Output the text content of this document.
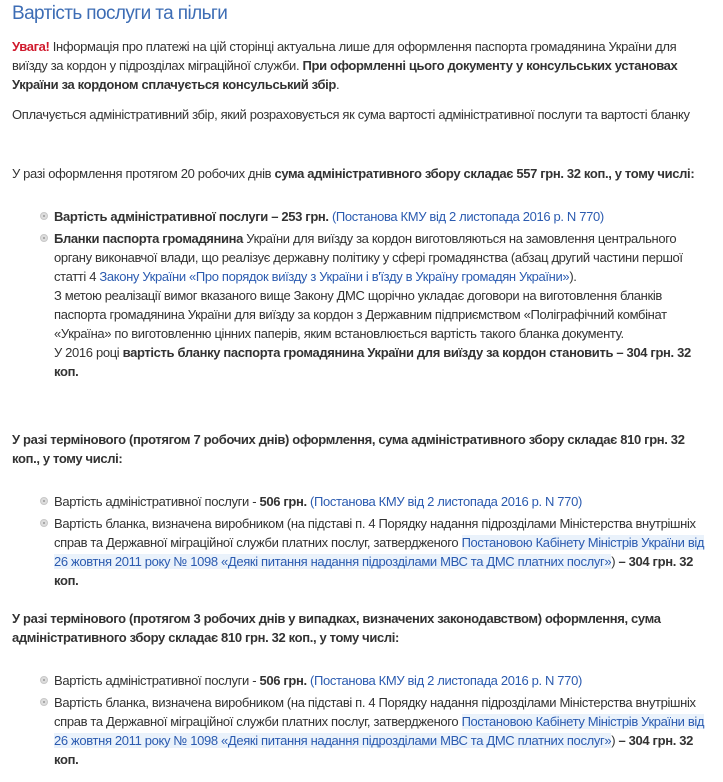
Вартість послуги та пільги

Увага! Інформація про платежі на цій сторінці актуальна лише для оформлення паспорта громадянина України для виїзду за кордон у підрозділах міграційної служби. При оформленні цього документу у консульських установах України за кордоном сплачується консульський збір.

Оплачується адміністративний збір, який розраховується як сума вартості адміністративної послуги та вартості бланку

У разі оформлення протягом 20 робочих днів сума адміністративного збору складає 557 грн. 32 коп., у тому числі:

Вартість адміністративної послуги – 253 грн. (Постанова КМУ від 2 листопада 2016 р. N 770)
Бланки паспорта громадянина України для виїзду за кордон виготовляються на замовлення центрального органу виконавчої влади, що реалізує державну політику у сфері громадянства (абзац другий частини першої статті 4 Закону України «Про порядок виїзду з України і в'їзду в Україну громадян України»).
З метою реалізації вимог вказаного вище Закону ДМС щорічно укладає договори на виготовлення бланків паспорта громадянина України для виїзду за кордон з Державним підприємством «Поліграфічний комбінат «Україна» по виготовленню цінних паперів, яким встановлюється вартість такого бланка документу.
У 2016 році вартість бланку паспорта громадянина України для виїзду за кордон становить – 304 грн. 32 коп.

У разі термінового (протягом 7 робочих днів) оформлення, сума адміністративного збору складає 810 грн. 32 коп., у тому числі:

Вартість адміністративної послуги - 506 грн. (Постанова КМУ від 2 листопада 2016 р. N 770)
Вартість бланка, визначена виробником (на підставі п. 4 Порядку надання підрозділами Міністерства внутрішніх справ та Державної міграційної служби платних послуг, затвердженого Постановою Кабінету Міністрів України від 26 жовтня 2011 року № 1098 «Деякі питання надання підрозділами МВС та ДМС платних послуг») – 304 грн. 32 коп.

У разі термінового (протягом 3 робочих днів у випадках, визначених законодавством) оформлення, сума адміністративного збору складає 810 грн. 32 коп., у тому числі:

Вартість адміністративної послуги - 506 грн. (Постанова КМУ від 2 листопада 2016 р. N 770)
Вартість бланка, визначена виробником (на підставі п. 4 Порядку надання підрозділами Міністерства внутрішніх справ та Державної міграційної служби платних послуг, затвердженого Постановою Кабінету Міністрів України від 26 жовтня 2011 року № 1098 «Деякі питання надання підрозділами МВС та ДМС платних послуг») – 304 грн. 32 коп.
